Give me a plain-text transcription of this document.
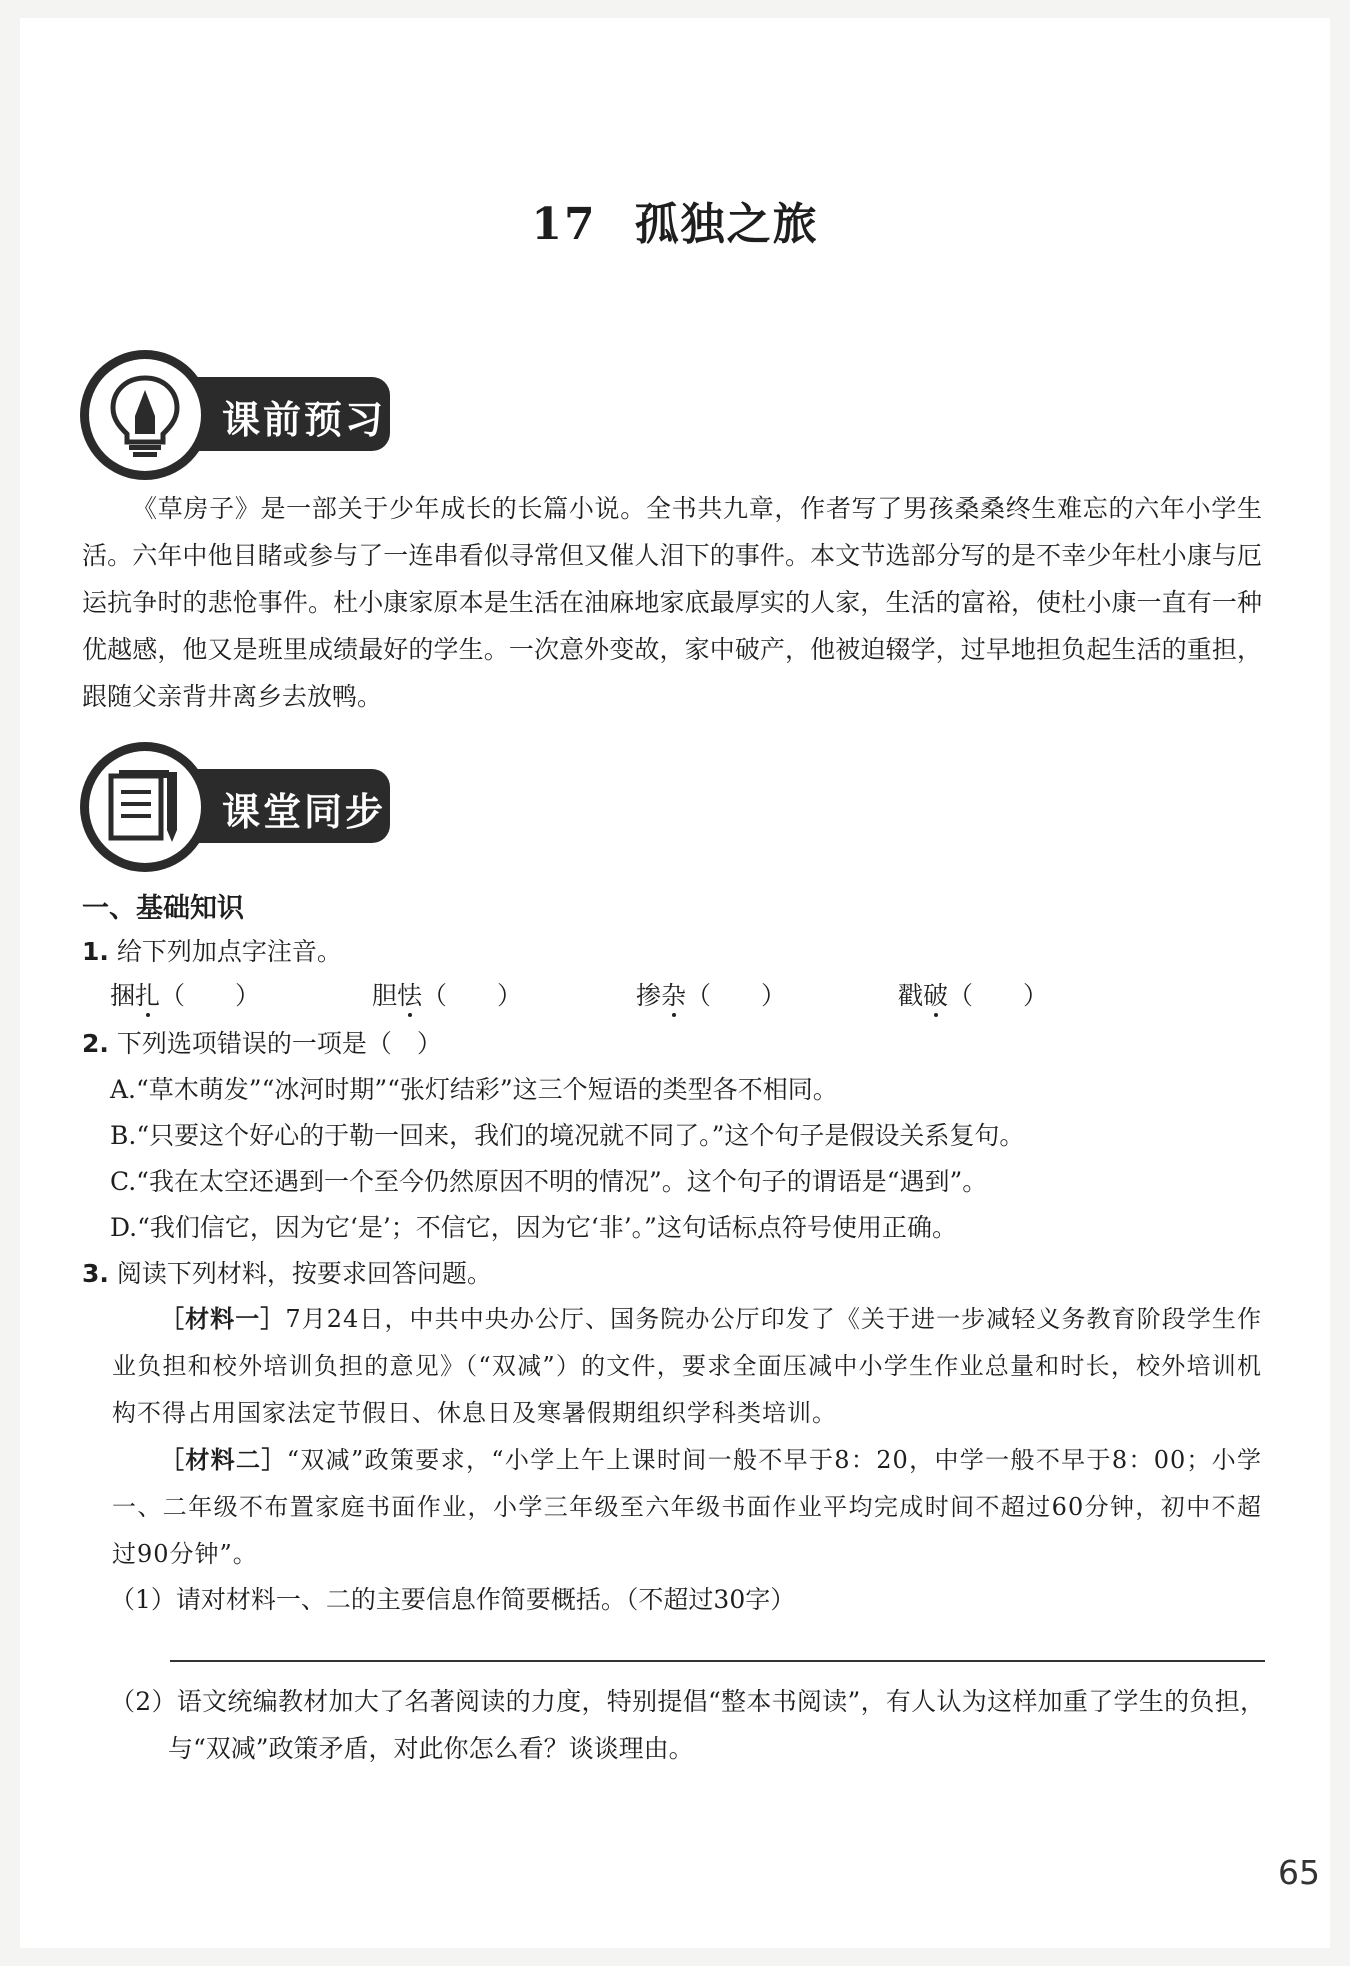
17 孤独之旅
课前预习

《草房子》是一部关于少年成长的长篇小说。全书共九章，作者写了男孩桑桑终生难忘的六年小学生活。六年中他目睹或参与了一连串看似寻常但又催人泪下的事件。本文节选部分写的是不幸少年杜小康与厄运抗争时的悲怆事件。杜小康家原本是生活在油麻地家底最厚实的人家，生活的富裕，使杜小康一直有一种优越感，他又是班里成绩最好的学生。一次意外变故，家中破产，他被迫辍学，过早地担负起生活的重担，跟随父亲背井离乡去放鸭。

课堂同步
一、基础知识
1. 给下列加点字注音。
捆扎（　　）	胆怯（　　）	掺杂（　　）	戳破（　　）
2. 下列选项错误的一项是（　）
A.“草木萌发”“冰河时期”“张灯结彩”这三个短语的类型各不相同。
B.“只要这个好心的于勒一回来，我们的境况就不同了。”这个句子是假设关系复句。
C.“我在太空还遇到一个至今仍然原因不明的情况”。这个句子的谓语是“遇到”。
D.“我们信它，因为它‘是’；不信它，因为它‘非’。”这句话标点符号使用正确。
3. 阅读下列材料，按要求回答问题。

［材料一］7月24日，中共中央办公厅、国务院办公厅印发了《关于进一步减轻义务教育阶段学生作业负担和校外培训负担的意见》（“双减”）的文件，要求全面压减中小学生作业总量和时长，校外培训机构不得占用国家法定节假日、休息日及寒暑假期组织学科类培训。

［材料二］“双减”政策要求，“小学上午上课时间一般不早于8：20，中学一般不早于8：00；小学一、二年级不布置家庭书面作业，小学三年级至六年级书面作业平均完成时间不超过60分钟，初中不超过90分钟”。

（1）请对材料一、二的主要信息作简要概括。（不超过30字）
（2）语文统编教材加大了名著阅读的力度，特别提倡“整本书阅读”，有人认为这样加重了学生的负担，与“双减”政策矛盾，对此你怎么看？谈谈理由。
65
